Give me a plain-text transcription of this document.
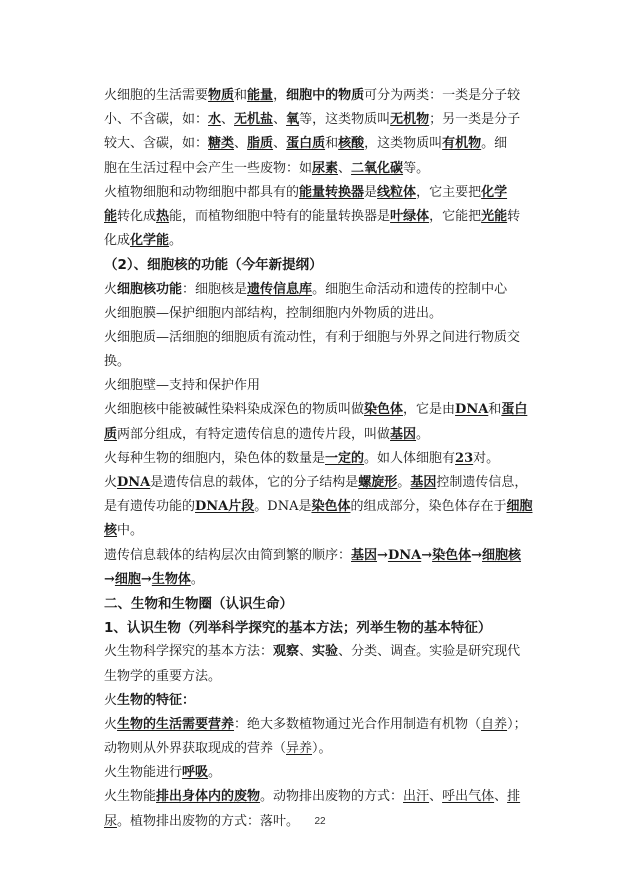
火细胞的生活需要物质和能量，细胞中的物质可分为两类：一类是分子较
小、不含碳，如：水、无机盐、氧等，这类物质叫无机物；另一类是分子
较大、含碳，如：糖类、脂质、蛋白质和核酸，这类物质叫有机物。细
胞在生活过程中会产生一些废物：如尿素、二氧化碳等。
火植物细胞和动物细胞中都具有的能量转换器是线粒体，它主要把化学
能转化成热能，而植物细胞中特有的能量转换器是叶绿体，它能把光能转
化成化学能。
（2）、细胞核的功能（今年新提纲）
火细胞核功能：细胞核是遗传信息库。细胞生命活动和遗传的控制中心
火细胞膜—保护细胞内部结构，控制细胞内外物质的进出。
火细胞质—活细胞的细胞质有流动性，有利于细胞与外界之间进行物质交
换。
火细胞壁—支持和保护作用
火细胞核中能被碱性染料染成深色的物质叫做染色体，它是由DNA和蛋白
质两部分组成，有特定遗传信息的遗传片段，叫做基因。
火每种生物的细胞内，染色体的数量是一定的。如人体细胞有23对。
火DNA是遗传信息的载体，它的分子结构是螺旋形。基因控制遗传信息，
是有遗传功能的DNA片段。DNA是染色体的组成部分，染色体存在于细胞
核中。
遗传信息载体的结构层次由简到繁的顺序：基因→DNA→染色体→细胞核
→细胞→生物体。
二、生物和生物圈（认识生命）
1、认识生物（列举科学探究的基本方法；列举生物的基本特征）
火生物科学探究的基本方法：观察、实验、分类、调查。实验是研究现代
生物学的重要方法。
火生物的特征：
火生物的生活需要营养：绝大多数植物通过光合作用制造有机物（自养）；
动物则从外界获取现成的营养（异养）。
火生物能进行呼吸。
火生物能排出身体内的废物。动物排出废物的方式：出汗、呼出气体、排
尿。植物排出废物的方式：落叶。	22
